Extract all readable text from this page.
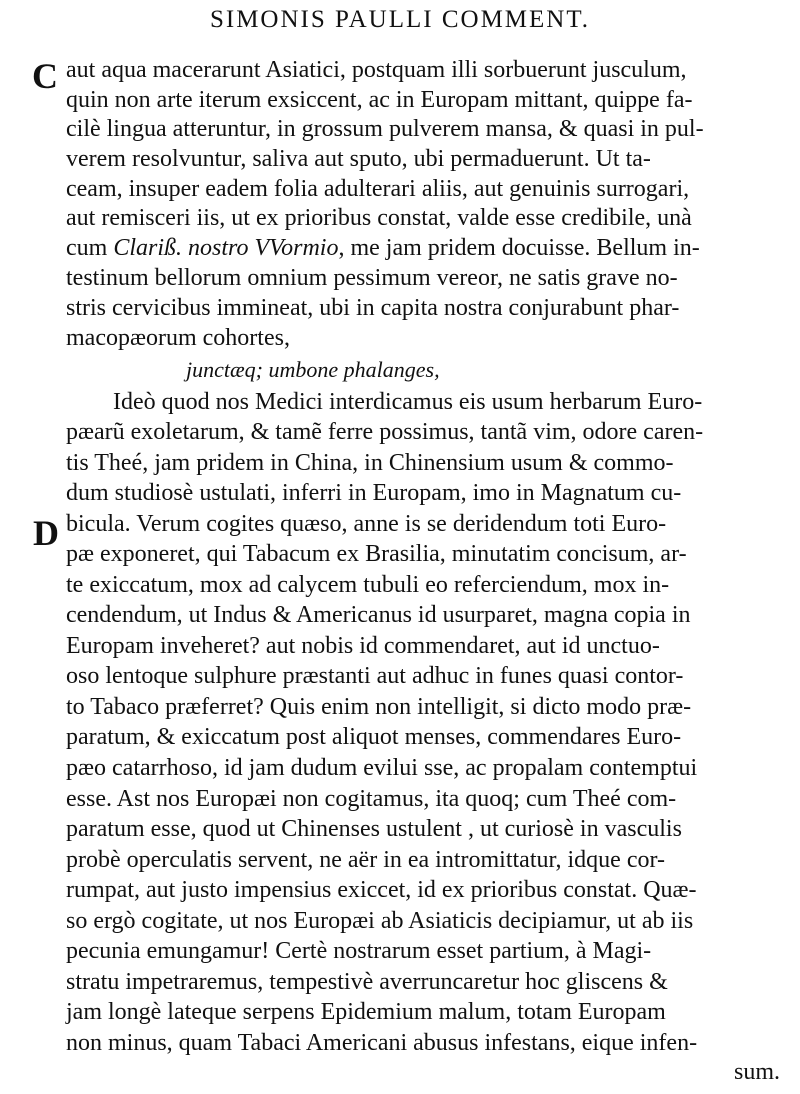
SIMONIS PAULLI COMMENT.
C
D
aut aqua macerarunt Asiatici, postquam illi sorbuerunt jusculum,
quin non arte iterum exsiccent, ac in Europam mittant, quippe fa-
cilè lingua atteruntur, in grossum pulverem mansa, & quasi in pul-
verem resolvuntur, saliva aut sputo, ubi permaduerunt. Ut ta-
ceam, insuper eadem folia adulterari aliis, aut genuinis surrogari,
aut remisceri iis, ut ex prioribus constat, valde esse credibile, unà
cum Clariß. nostro VVormio, me jam pridem docuisse. Bellum in-
testinum bellorum omnium pessimum vereor, ne satis grave no-
stris cervicibus immineat, ubi in capita nostra conjurabunt phar-
macopæorum cohortes,
junctæq; umbone phalanges,
Ideò quod nos Medici interdicamus eis usum herbarum Euro-
pæarũ exoletarum, & tamẽ ferre possimus, tantã vim, odore caren-
tis Theé, jam pridem in China, in Chinensium usum & commo-
dum studiosè ustulati, inferri in Europam, imo in Magnatum cu-
bicula. Verum cogites quæso, anne is se deridendum toti Euro-
pæ exponeret, qui Tabacum ex Brasilia, minutatim concisum, ar-
te exiccatum, mox ad calycem tubuli eo referciendum, mox in-
cendendum, ut Indus & Americanus id usurparet, magna copia in
Europam inveheret? aut nobis id commendaret, aut id unctuo-
oso lentoque sulphure præstanti aut adhuc in funes quasi contor-
to Tabaco præferret? Quis enim non intelligit, si dicto modo præ-
paratum, & exiccatum post aliquot menses, commendares Euro-
pæo catarrhoso, id jam dudum evilui sse, ac propalam contemptui
esse. Ast nos Europæi non cogitamus, ita quoq; cum Theé com-
paratum esse, quod ut Chinenses ustulent , ut curiosè in vasculis
probè operculatis servent, ne aër in ea intromittatur, idque cor-
rumpat, aut justo impensius exiccet, id ex prioribus constat. Quæ-
so ergò cogitate, ut nos Europæi ab Asiaticis decipiamur, ut ab iis
pecunia emungamur! Certè nostrarum esset partium, à Magi-
stratu impetraremus, tempestivè averruncaretur hoc gliscens &
jam longè lateque serpens Epidemium malum, totam Europam
non minus, quam Tabaci Americani abusus infestans, eique infen-
sum.
